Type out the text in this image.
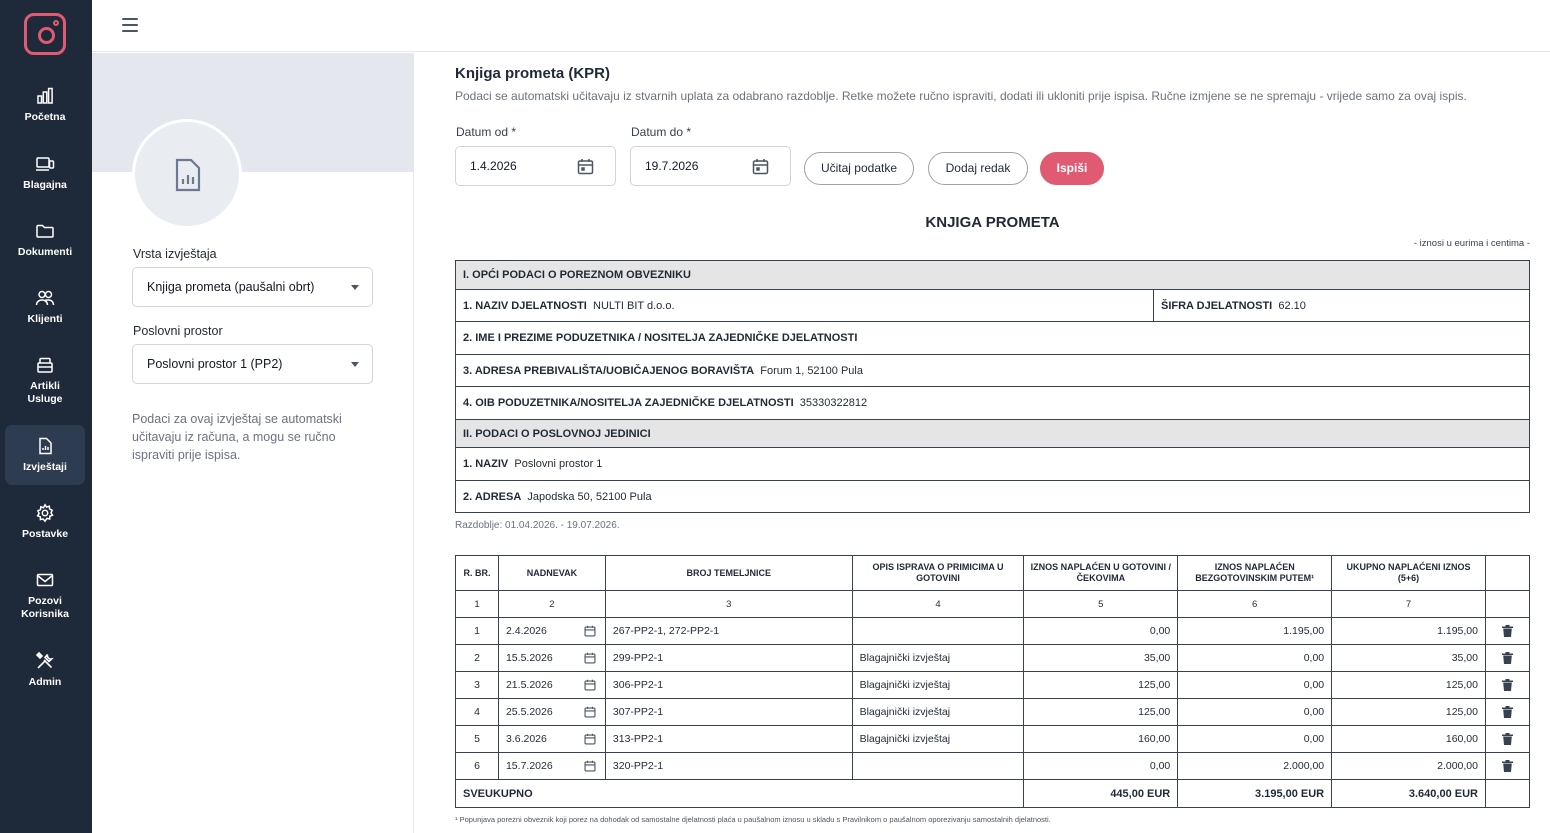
Početna
Blagajna
Dokumenti
Klijenti
Artikli Usluge
Izvještaji
Postavke
Pozovi Korisnika
Admin
Vrsta izvještaja
Knjiga prometa (paušalni obrt)
Poslovni prostor
Poslovni prostor 1 (PP2)
Podaci za ovaj izvještaj se automatski učitavaju iz računa, a mogu se ručno ispraviti prije ispisa.
Knjiga prometa (KPR)
Podaci se automatski učitavaju iz stvarnih uplata za odabrano razdoblje. Retke možete ručno ispraviti, dodati ili ukloniti prije ispisa. Ručne izmjene se ne spremaju - vrijede samo za ovaj ispis.
Datum od *
1.4.2026
Datum do *
19.7.2026	Učitaj podatke	Dodaj redak	Ispiši
KNJIGA PROMETA
- iznosi u eurima i centima -
I. OPĆI PODACI O POREZNOM OBVEZNIKU
1. NAZIV DJELATNOSTI NULTI BIT d.o.o.	ŠIFRA DJELATNOSTI 62.10
2. IME I PREZIME PODUZETNIKA / NOSITELJA ZAJEDNIČKE DJELATNOSTI
3. ADRESA PREBIVALIŠTA/UOBIČAJENOG BORAVIŠTA Forum 1, 52100 Pula
4. OIB PODUZETNIKA/NOSITELJA ZAJEDNIČKE DJELATNOSTI 35330322812
II. PODACI O POSLOVNOJ JEDINICI
1. NAZIV Poslovni prostor 1
2. ADRESA Japodska 50, 52100 Pula
Razdoblje: 01.04.2026. - 19.07.2026.
R. BR.	NADNEVAK	BROJ TEMELJNICE	OPIS ISPRAVA O PRIMICIMA U GOTOVINI	IZNOS NAPLAĆEN U GOTOVINI / ČEKOVIMA	IZNOS NAPLAĆEN BEZGOTOVINSKIM PUTEM¹	UKUPNO NAPLAĆENI IZNOS (5+6)	
1	2	3	4	5	6	7	
1	2.4.2026	267-PP2-1, 272-PP2-1		0,00	1.195,00	1.195,00	

2	15.5.2026	299-PP2-1	Blagajnički izvještaj	35,00	0,00	35,00	

3	21.5.2026	306-PP2-1	Blagajnički izvještaj	125,00	0,00	125,00	

4	25.5.2026	307-PP2-1	Blagajnički izvještaj	125,00	0,00	125,00	

5	3.6.2026	313-PP2-1	Blagajnički izvještaj	160,00	0,00	160,00	

6	15.7.2026	320-PP2-1		0,00	2.000,00	2.000,00	

SVEUKUPNO				445,00 EUR	3.195,00 EUR	3.640,00 EUR	
¹ Popunjava porezni obveznik koji porez na dohodak od samostalne djelatnosti plaća u paušalnom iznosu u skladu s Pravilnikom o paušalnom oporezivanju samostalnih djelatnosti.
